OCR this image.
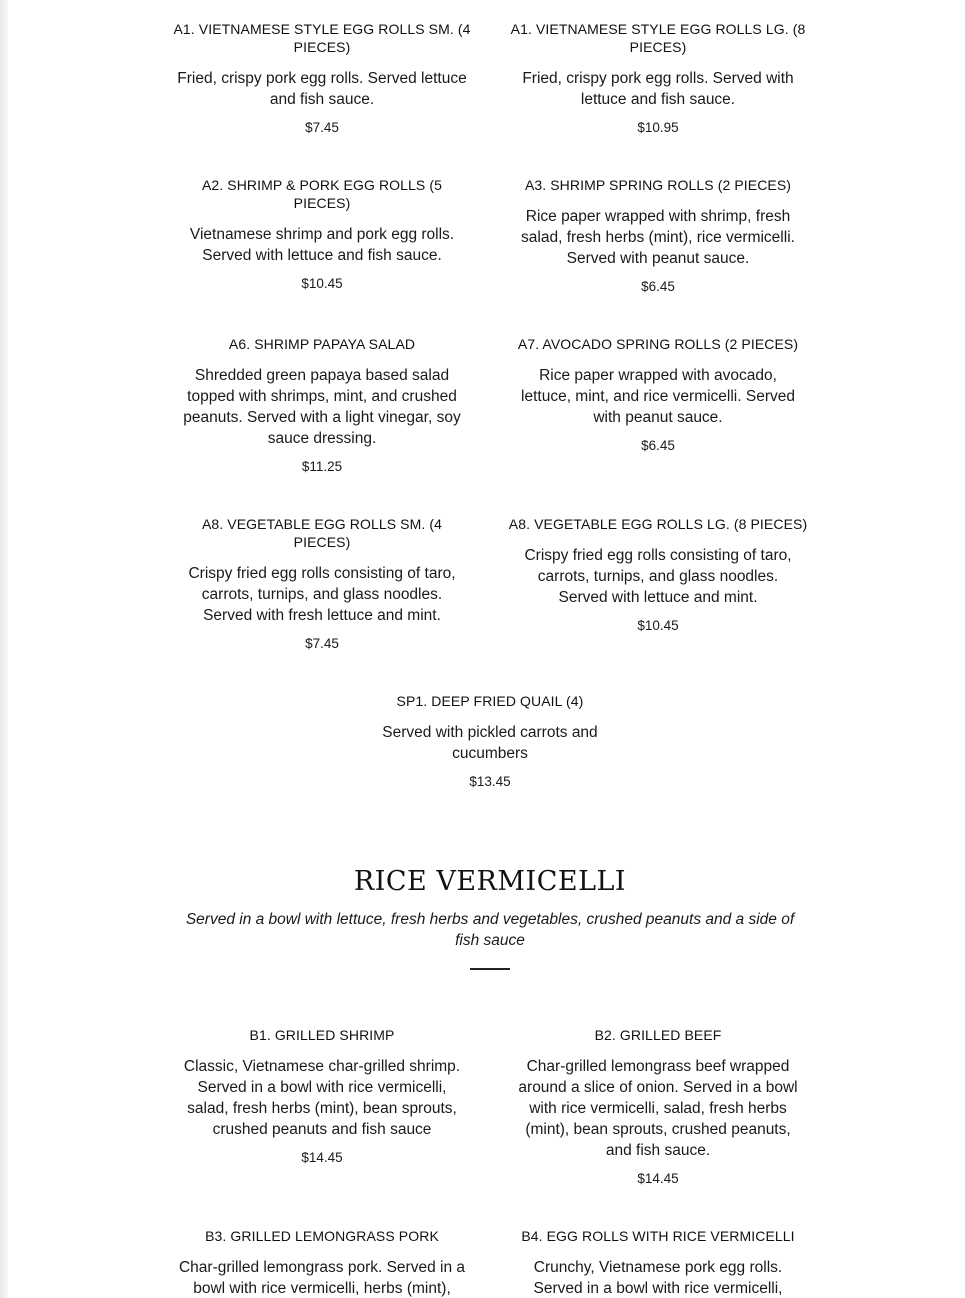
A1. VIETNAMESE STYLE EGG ROLLS SM. (4 PIECES)
Fried, crispy pork egg rolls. Served lettuce and fish sauce.
$7.45
A1. VIETNAMESE STYLE EGG ROLLS LG. (8 PIECES)
Fried, crispy pork egg rolls. Served with lettuce and fish sauce.
$10.95
A2. SHRIMP & PORK EGG ROLLS (5 PIECES)
Vietnamese shrimp and pork egg rolls. Served with lettuce and fish sauce.
$10.45
A3. SHRIMP SPRING ROLLS (2 PIECES)
Rice paper wrapped with shrimp, fresh salad, fresh herbs (mint), rice vermicelli. Served with peanut sauce.
$6.45
A6. SHRIMP PAPAYA SALAD
Shredded green papaya based salad topped with shrimps, mint, and crushed peanuts. Served with a light vinegar, soy sauce dressing.
$11.25
A7. AVOCADO SPRING ROLLS (2 PIECES)
Rice paper wrapped with avocado, lettuce, mint, and rice vermicelli. Served with peanut sauce.
$6.45
A8. VEGETABLE EGG ROLLS SM. (4 PIECES)
Crispy fried egg rolls consisting of taro, carrots, turnips, and glass noodles. Served with fresh lettuce and mint.
$7.45
A8. VEGETABLE EGG ROLLS LG. (8 PIECES)
Crispy fried egg rolls consisting of taro, carrots, turnips, and glass noodles. Served with lettuce and mint.
$10.45
SP1. DEEP FRIED QUAIL (4)
Served with pickled carrots and cucumbers
$13.45
RICE VERMICELLI

Served in a bowl with lettuce, fresh herbs and vegetables, crushed peanuts and a side of fish sauce

B1. GRILLED SHRIMP
Classic, Vietnamese char-grilled shrimp. Served in a bowl with rice vermicelli, salad, fresh herbs (mint), bean sprouts, crushed peanuts and fish sauce
$14.45
B2. GRILLED BEEF
Char-grilled lemongrass beef wrapped around a slice of onion. Served in a bowl with rice vermicelli, salad, fresh herbs (mint), bean sprouts, crushed peanuts, and fish sauce.
$14.45
B3. GRILLED LEMONGRASS PORK
Char-grilled lemongrass pork. Served in a bowl with rice vermicelli, herbs (mint),
B4. EGG ROLLS WITH RICE VERMICELLI
Crunchy, Vietnamese pork egg rolls. Served in a bowl with rice vermicelli,
